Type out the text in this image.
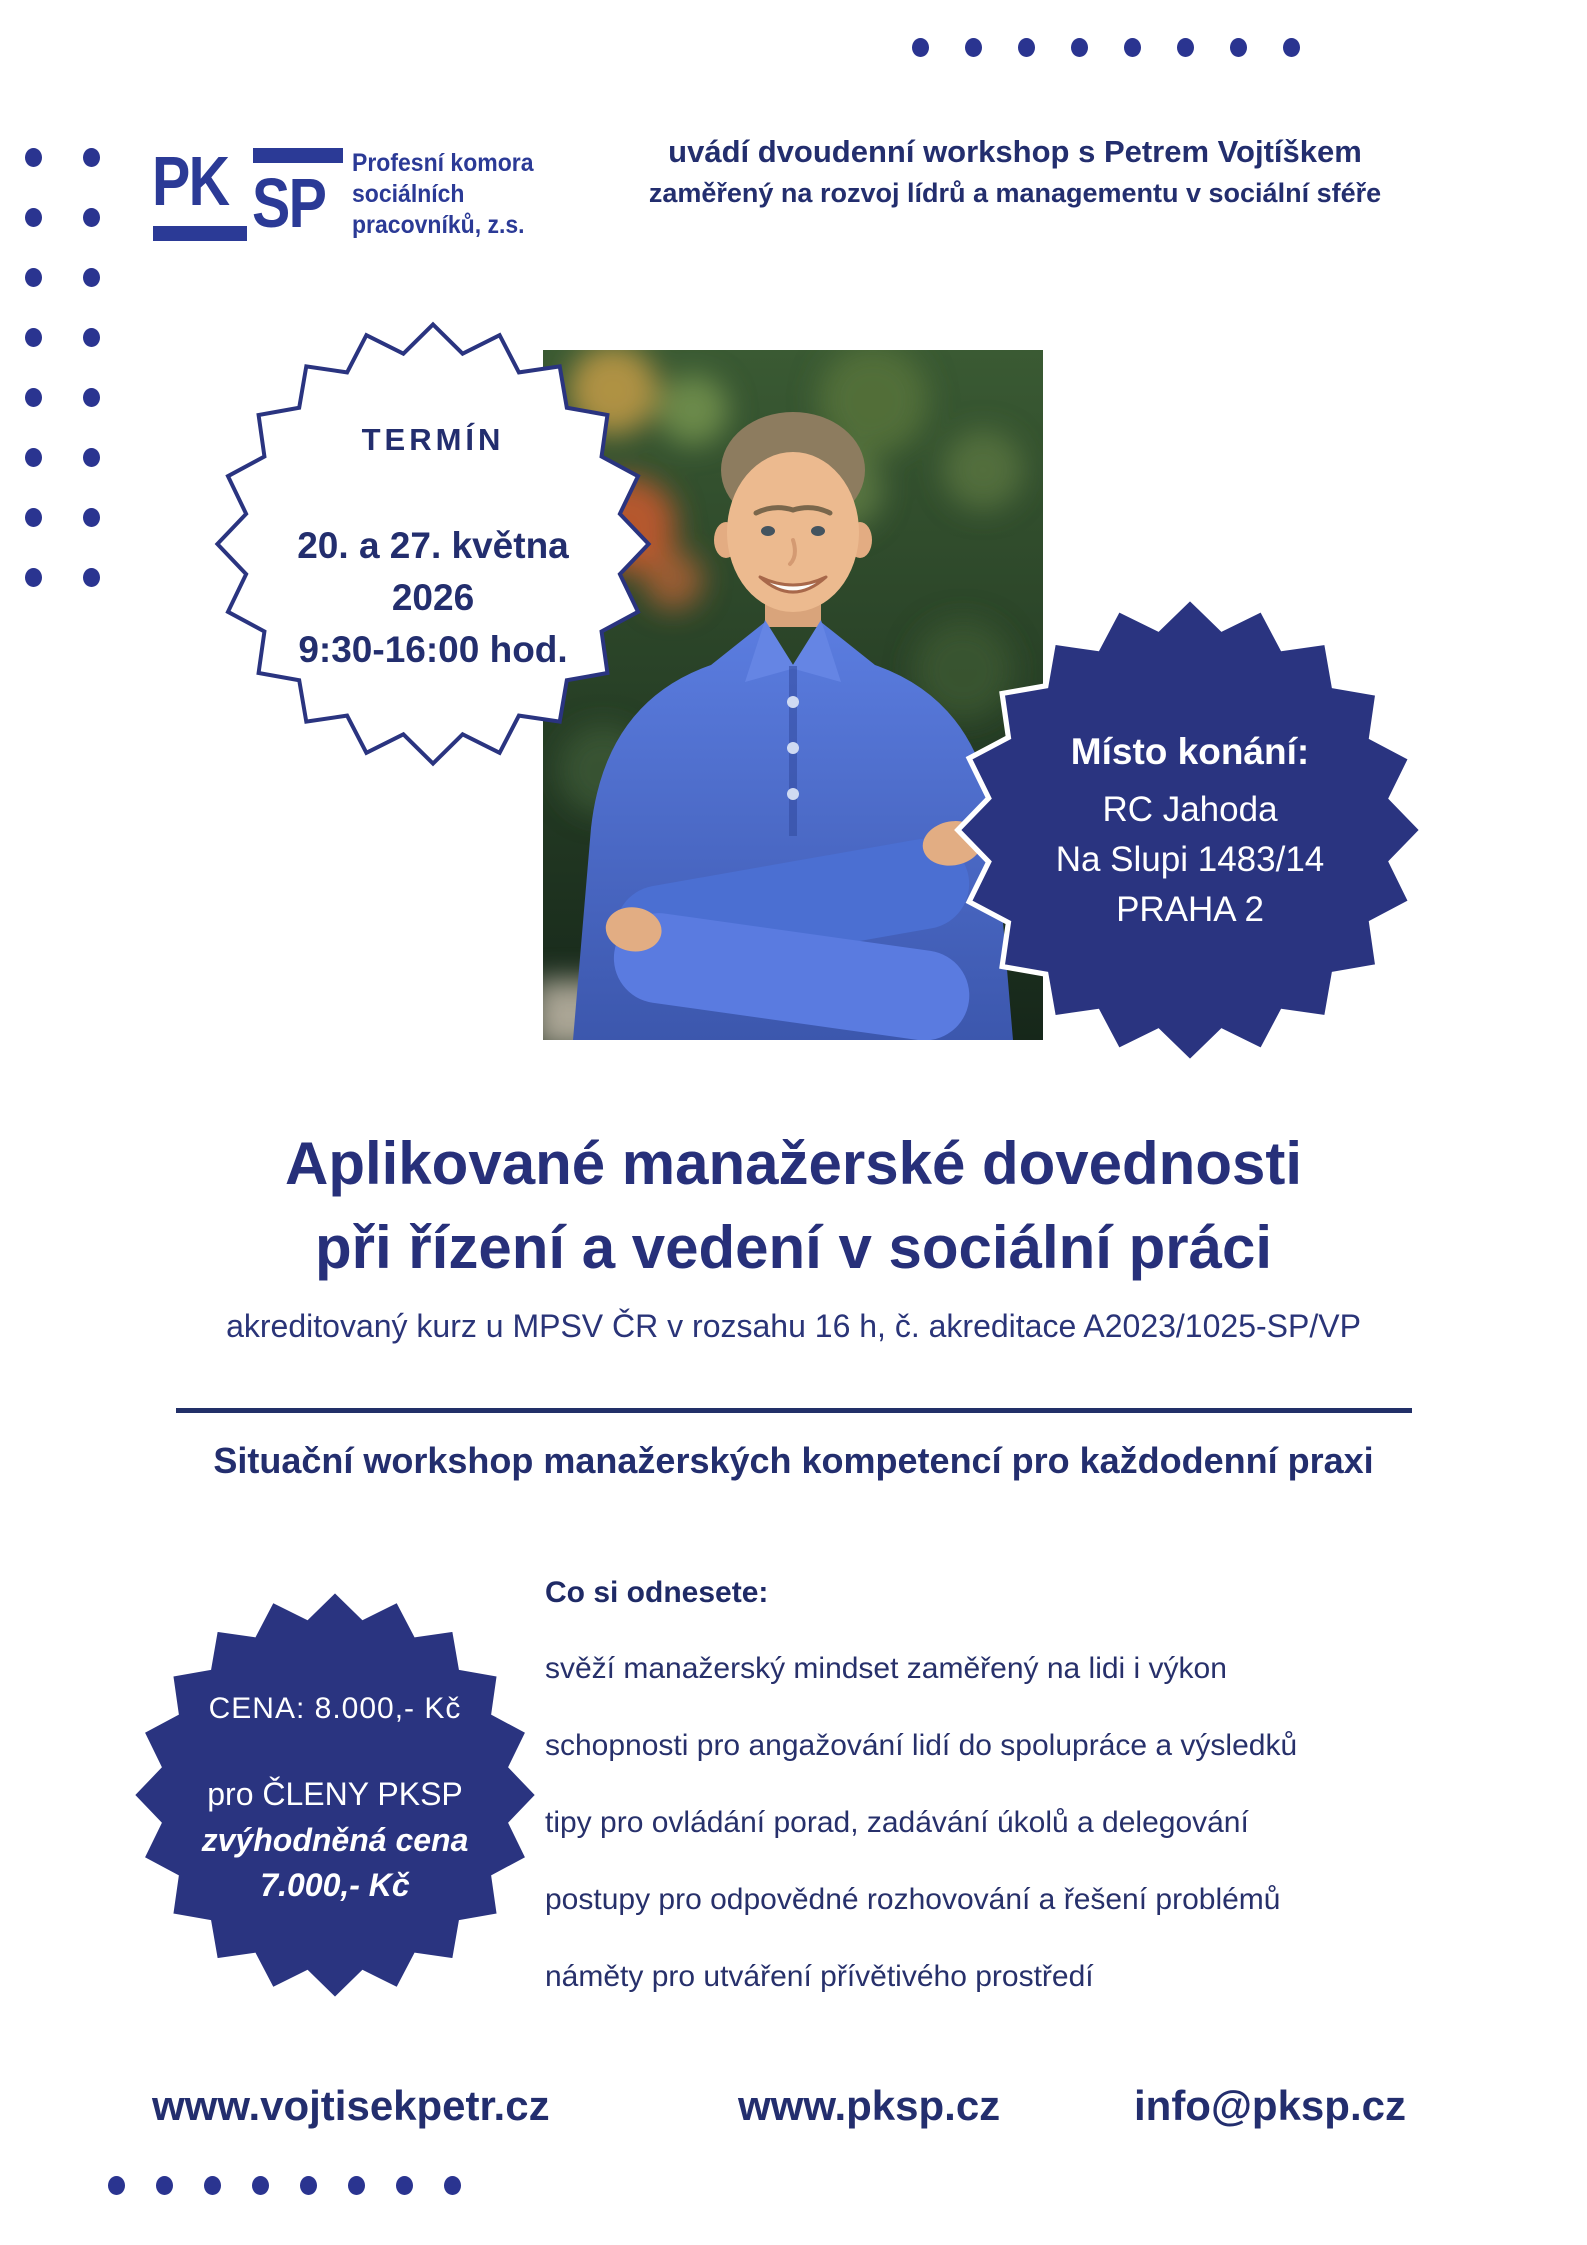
PK SP
Profesní komora
sociálních
pracovníků, z.s.
uvádí dvoudenní workshop s Petrem Vojtíškem
zaměřený na rozvoj lídrů a managementu v sociální sféře
TERMÍN
20. a 27. května
2026
9:30-16:00 hod.
Místo konání:
RC Jahoda
Na Slupi 1483/14
PRAHA 2
Aplikované manažerské dovednosti
při řízení a vedení v sociální práci
akreditovaný kurz u MPSV ČR v rozsahu 16 h, č. akreditace A2023/1025-SP/VP
Situační workshop manažerských kompetencí pro každodenní praxi
CENA: 8.000,- Kč
pro ČLENY PKSP
zvýhodněná cena
7.000,- Kč
Co si odnesete:
svěží manažerský mindset zaměřený na lidi i výkon
schopnosti pro angažování lidí do spolupráce a výsledků
tipy pro ovládání porad, zadávání úkolů a delegování
postupy pro odpovědné rozhovování a řešení problémů
náměty pro utváření přívětivého prostředí
www.vojtisekpetr.cz	www.pksp.cz	info@pksp.cz
